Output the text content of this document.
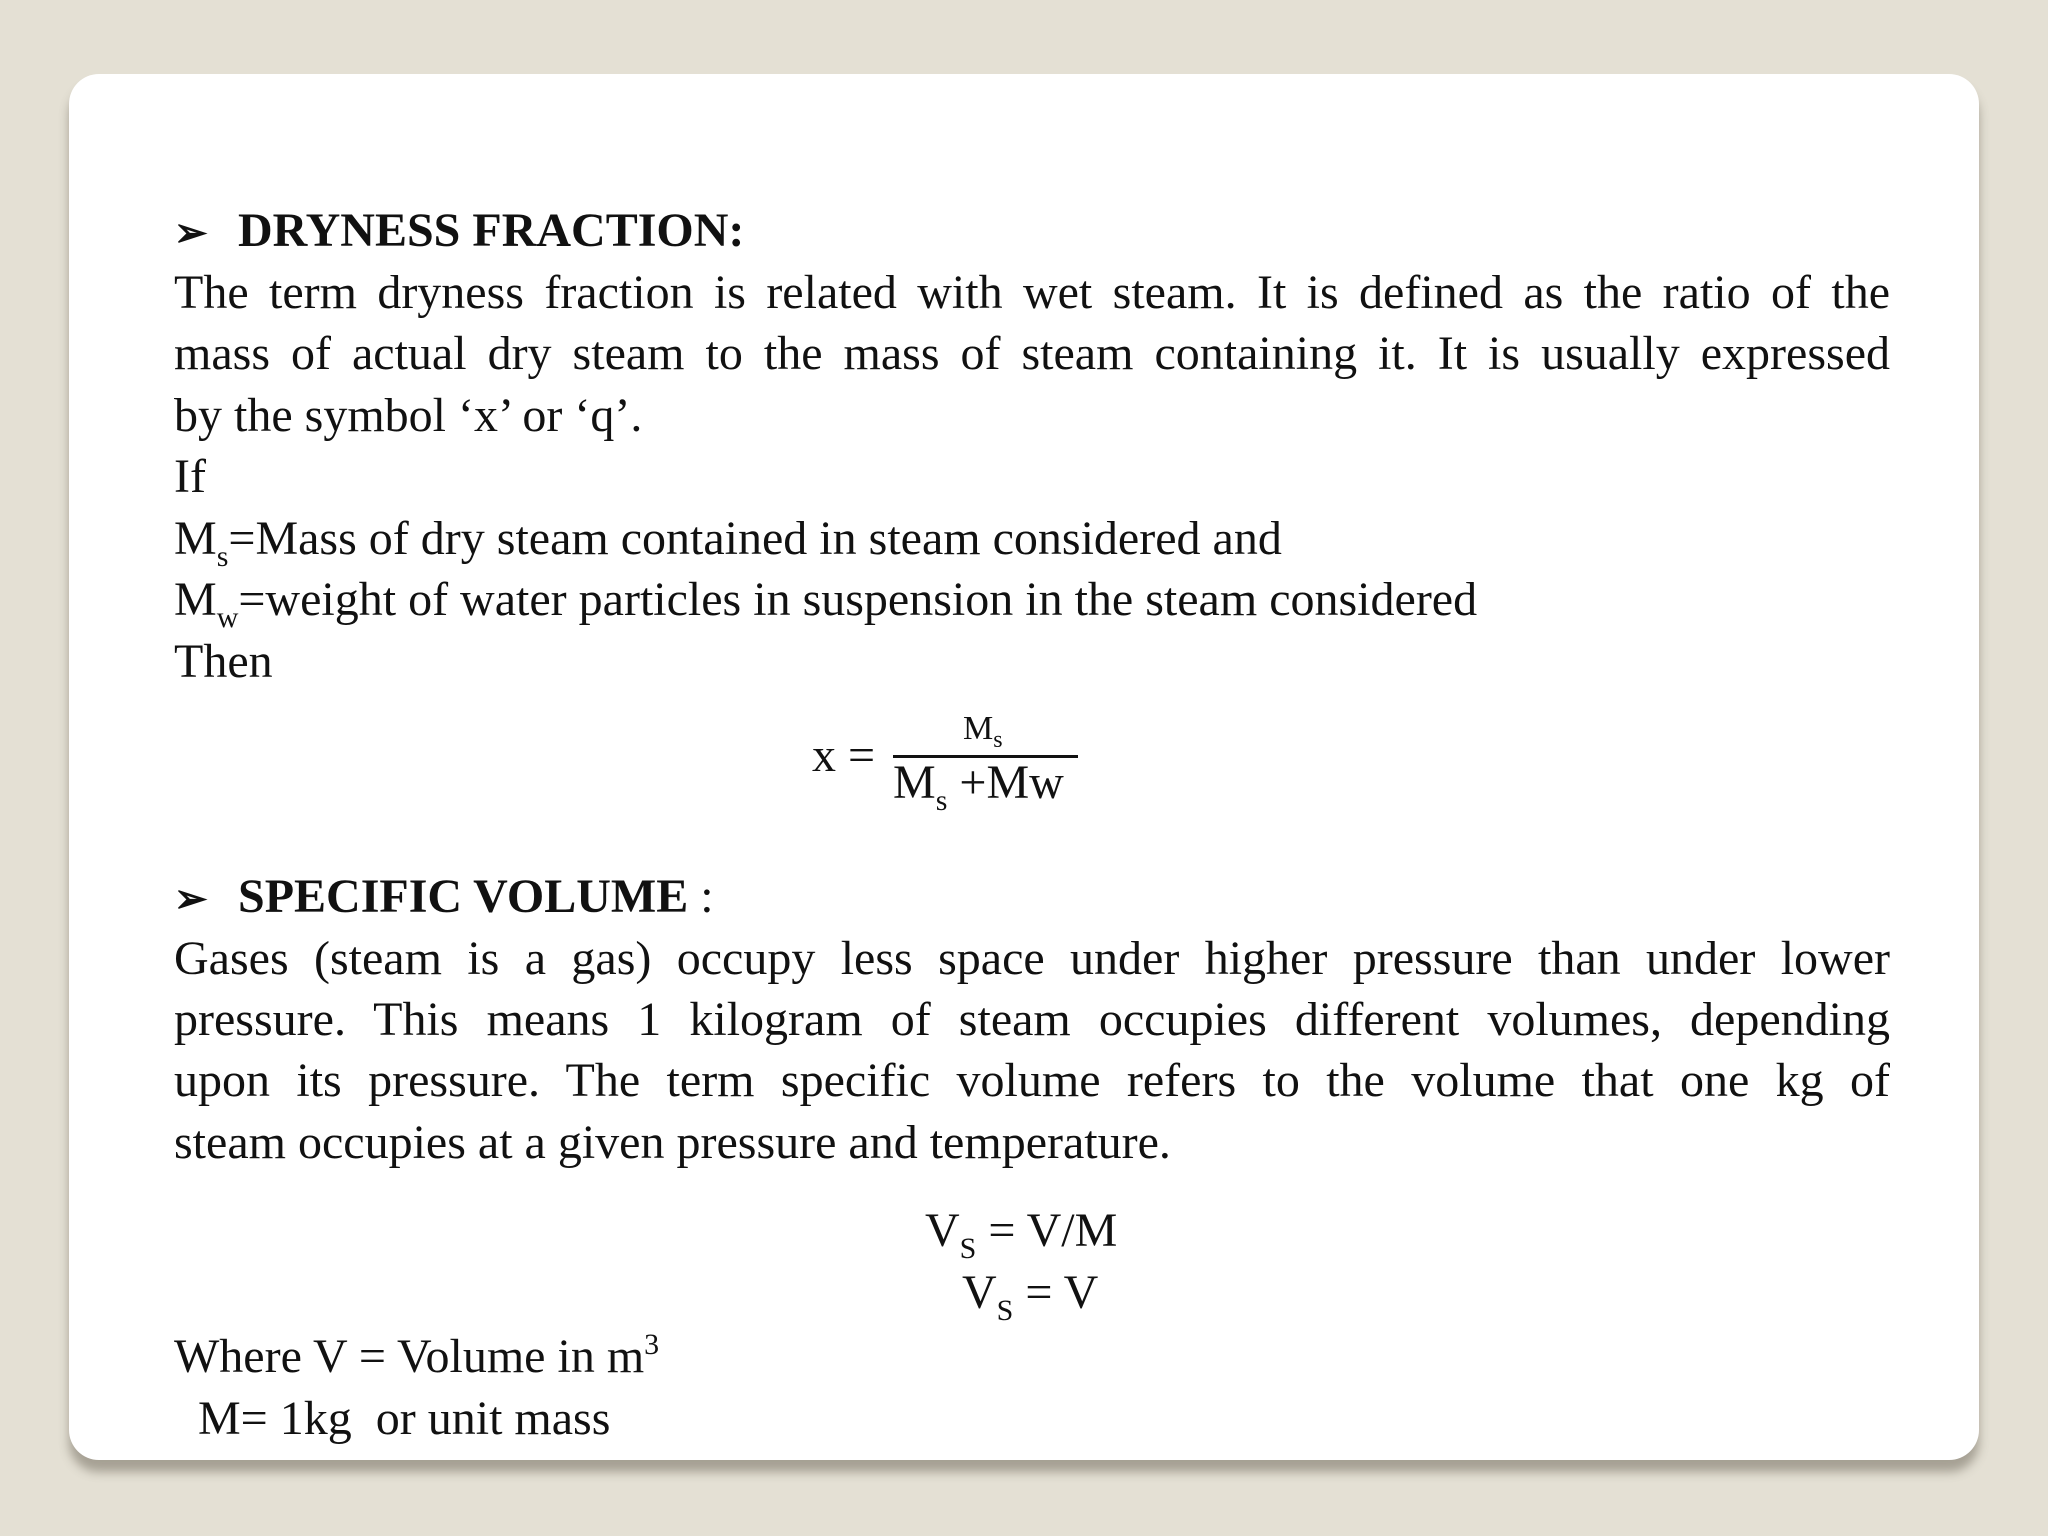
➢ DRYNESS FRACTION:
The term dryness fraction is related with wet steam. It is defined as the ratio of the
mass of actual dry steam to the mass of steam containing it. It is usually expressed
by the symbol ‘x’ or ‘q’.
If
$M_s=Mass$ of dry steam contained in steam considered and
$M_w=weight$ of water particles in suspension in the steam considered
Then
x =
$M_s$
$M_s +Mw$
➢ SPECIFIC VOLUME :
Gases (steam is a gas) occupy less space under higher pressure than under lower
pressure. This means 1 kilogram of steam occupies different volumes, depending
upon its pressure. The term specific volume refers to the volume that one kg of
steam occupies at a given pressure and temperature.
$V_S = V/M$
$V_S = V$
Where V = Volume in $m^3$
M= 1kg  or unit mass
